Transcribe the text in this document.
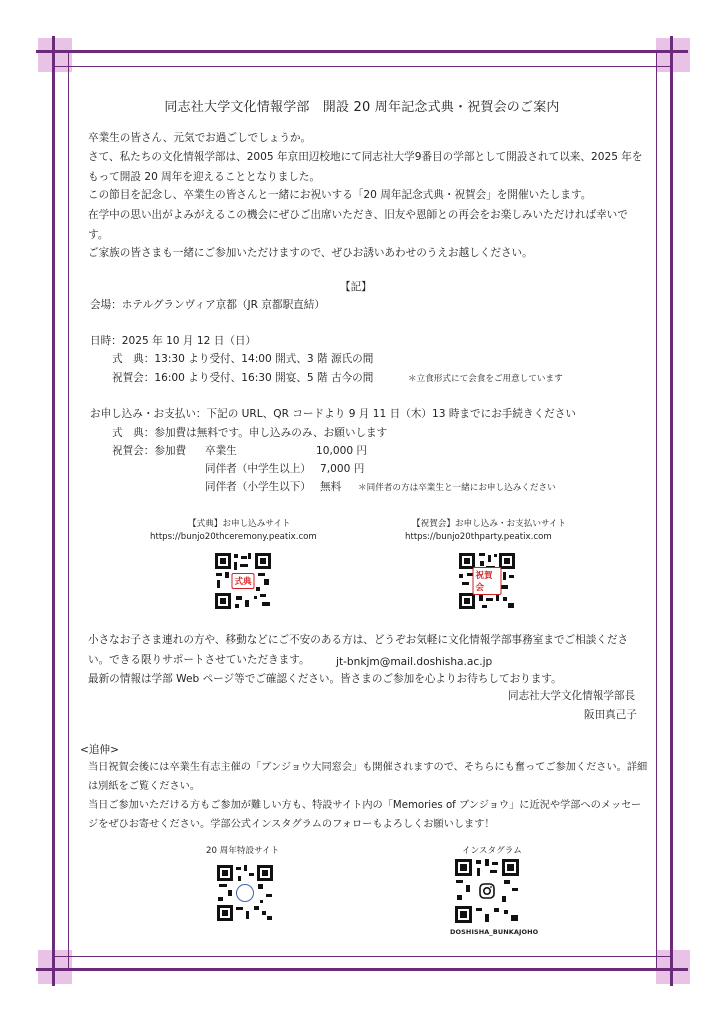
同志社大学文化情報学部　開設 20 周年記念式典・祝賀会のご案内
卒業生の皆さん、元気でお過ごしでしょうか。
さて、私たちの文化情報学部は、2005 年京田辺校地にて同志社大学9番目の学部として開設されて以来、2025 年をもって開設 20 周年を迎えることとなりました。
この節目を記念し、卒業生の皆さんと一緒にお祝いする「20 周年記念式典・祝賀会」を開催いたします。
在学中の思い出がよみがえるこの機会にぜひご出席いただき、旧友や恩師との再会をお楽しみいただければ幸いです。
ご家族の皆さまも一緒にご参加いただけますので、ぜひお誘いあわせのうえお越しください。
【記】
会場：ホテルグランヴィア京都（JR 京都駅直結）
日時：2025 年 10 月 12 日（日）
式　典：13:30 より受付、14:00 開式、3 階 源氏の間
祝賀会：16:00 より受付、16:30 開宴、5 階 古今の間	＊立食形式にて会食をご用意しています
お申し込み・お支払い：下記の URL、QR コードより 9 月 11 日（木）13 時までにお手続きください
式　典：参加費は無料です。申し込みのみ、お願いします
祝賀会：参加費 卒業生	10,000 円
同伴者（中学生以上） 7,000 円
同伴者（小学生以下） 無料 ＊同伴者の方は卒業生と一緒にお申し込みください
【式典】お申し込みサイト
https://bunjo20thceremony.peatix.com
式典
【祝賀会】お申し込み・お支払いサイト
https://bunjo20thparty.peatix.com
祝賀会
小さなお子さま連れの方や、移動などにご不安のある方は、どうぞお気軽に文化情報学部事務室までご相談ください。できる限りサポートさせていただきます。	jt-bnkjm@mail.doshisha.ac.jp
最新の情報は学部 Web ページ等でご確認ください。皆さまのご参加を心よりお待ちしております。
同志社大学文化情報学部長
阪田真己子
<追伸>
当日祝賀会後には卒業生有志主催の「ブンジョウ大同窓会」も開催されますので、そちらにも奮ってご参加ください。詳細は別紙をご覧ください。
当日ご参加いただける方もご参加が難しい方も、特設サイト内の「Memories of ブンジョウ」に近況や学部へのメッセージをぜひお寄せください。学部公式インスタグラムのフォローもよろしくお願いします！
20 周年特設サイト	インスタグラム
DOSHISHA_BUNKAJOHO
